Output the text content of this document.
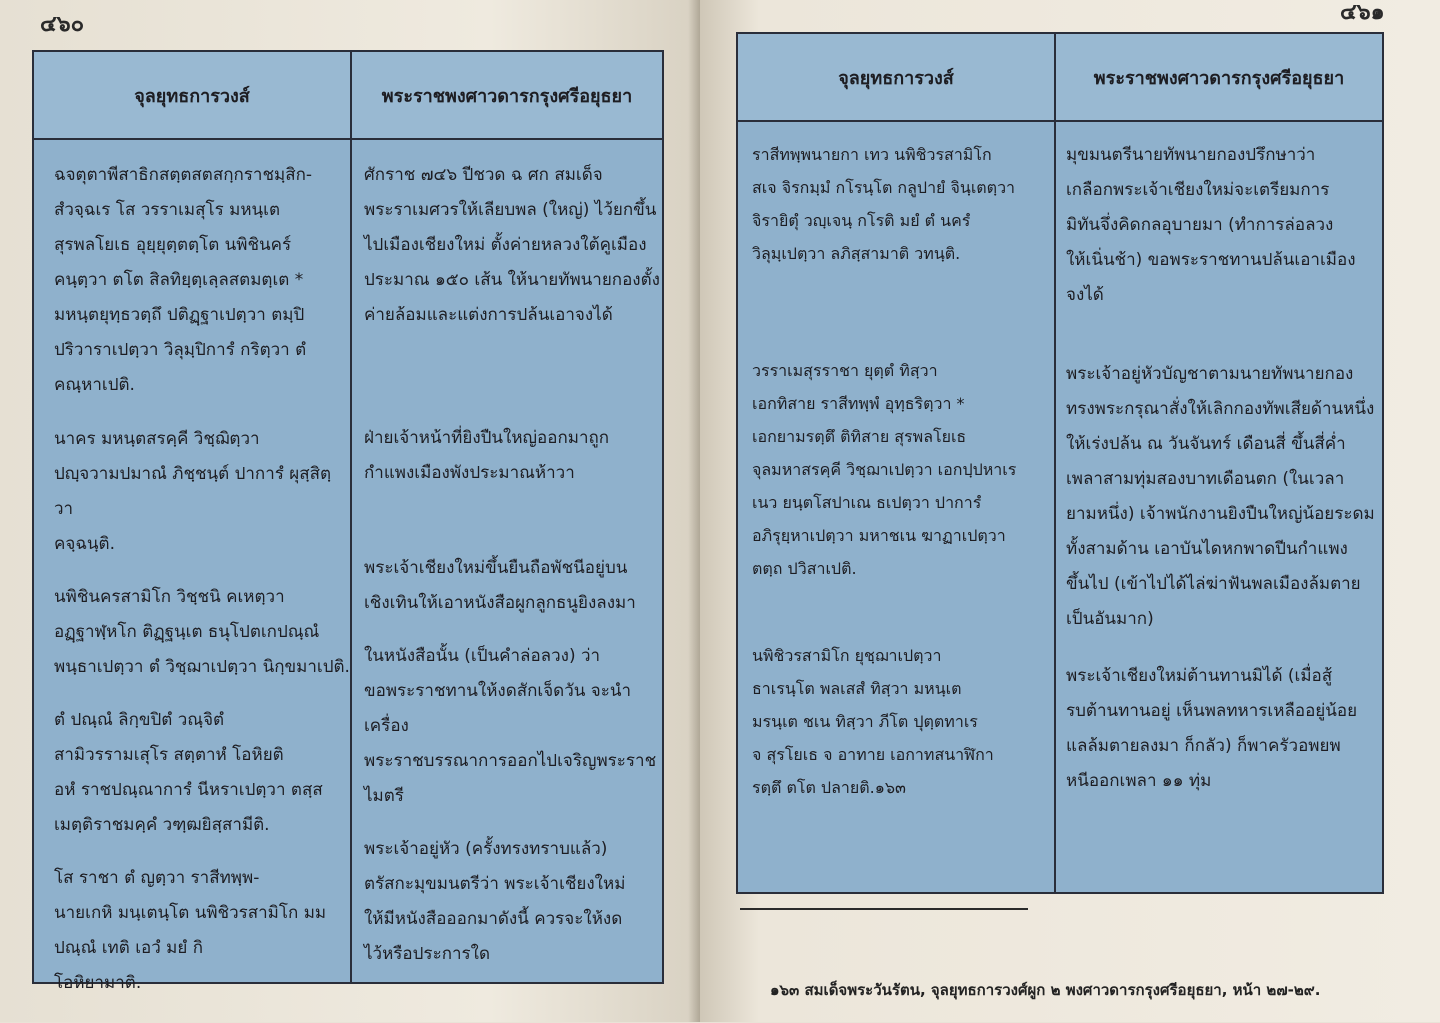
๔๖๐
จุลยุทธการวงส์	พระราชพงศาวดารกรุงศรีอยุธยา

ฉจตุตาพีสาธิกสตฺตสตสกฺกราชมฺสิก-
สํวจฺฉเร โส วรราเมสุโร มหนฺเต
สุรพลโยเธ อุยฺยุตฺตตฺโต นพิชินคร์
คนฺตฺวา ตโต สิลทิยฺตฺเลฺลสตมตฺเต *
มหนฺตยุทฺธวตฺถึ ปติฏฺฐาเปตฺวา ตมฺปิ
ปริวาราเปตฺวา วิลุมฺปิการํ กริตฺวา ตํ
คณฺหาเปติ.

นาคร มหนฺตสรคฺคี วิชฺฌิตฺวา
ปญฺจวามปมาณํ ภิชฺชนฺต์ ปาการํ ผุสฺสิตฺวา
คจฺฉนฺติ.

นพิชินครสามิโก วิชฺชนิ คเหตฺวา
อฏฺฐาฬฺหโก ติฏฺฐนฺเต ธนุโปตเกปณฺณํ
พนฺธาเปตฺวา ตํ วิชฺฌาเปตฺวา นิกฺขมาเปติ.

ตํ ปณฺณํ ลิกฺขปิตํ วณฺจิตํ
สามิวรรามเสุโร สตฺตาหํ โอหิยติ
อหํ ราชปณฺณาการํ นีหราเปตฺวา ตสฺส
เมตฺติราชมคฺคํ วฑฺฒยิสฺสามีติ.

โส ราชา ตํ ญตฺวา ราสีทพฺพ-
นายเกหิ มนฺเตนฺโต นพิชิวรสามิโก มม
ปณฺณํ เทติ เอวํ มยํ กิ
โอหิยามาติ.

ศักราช ๗๔๖ ปีชวด ฉ ศก สมเด็จ
พระราเมศวรให้เลียบพล (ใหญ่) ไว้ยกขึ้น
ไปเมืองเชียงใหม่ ตั้งค่ายหลวงใต้คูเมือง
ประมาณ ๑๕๐ เส้น ให้นายทัพนายกองตั้ง
ค่ายล้อมและแต่งการปล้นเอาจงได้

ฝ่ายเจ้าหน้าที่ยิงปืนใหญ่ออกมาถูก
กำแพงเมืองพังประมาณห้าวา

พระเจ้าเชียงใหม่ขึ้นยืนถือพัชนีอยู่บน
เชิงเทินให้เอาหนังสือผูกลูกธนูยิงลงมา

ในหนังสือนั้น (เป็นคำล่อลวง) ว่า
ขอพระราชทานให้งดสักเจ็ดวัน จะนำเครื่อง
พระราชบรรณาการออกไปเจริญพระราชไมตรี

พระเจ้าอยู่หัว (ครั้งทรงทราบแล้ว)
ตรัสกะมุขมนตรีว่า พระเจ้าเชียงใหม่
ให้มีหนังสือออกมาดังนี้ ควรจะให้งด
ไว้หรือประการใด

๔๖๑
จุลยุทธการวงส์	พระราชพงศาวดารกรุงศรีอยุธยา

ราสีทพฺพนายกา เทว นพิชิวรสามิโก
สเจ จิรกมฺมํ กโรนฺโต กลูปายํ จินฺเตตฺวา
จิรายิตุํ วญฺเจนฺ กโรติ มยํ ตํ นครํ
วิลุมฺเปตฺวา ลภิสฺสามาติ วทนฺติ.

วรราเมสุรราชา ยุตฺตํ ทิสฺวา
เอกทิสาย ราสีทพฺพํ อุทฺธริตฺวา *
เอกยามรตฺตึ ติทิสาย สุรพลโยเธ
จุลมหาสรคฺคี วิชฺฌาเปตฺวา เอกปฺปหาเร
เนว ยนฺตโสปาเณ ธเปตฺวา ปาการํ
อภิรุยฺหาเปตฺวา มหาชเน ฆาฏาเปตฺวา
ตตฺถ ปวิสาเปติ.

นพิชิวรสามิโก ยุชฺฌาเปตฺวา
ธาเรนฺโต พลเสสํ ทิสฺวา มหนฺเต
มรนฺเต ชเน ทิสฺวา ภีโต ปุตฺตทาเร
จ สุรโยเธ จ อาทาย เอกาทสนาฬิกา
รตฺตึ ตโต ปลายติ.๑๖๓

มุขมนตรีนายทัพนายกองปรึกษาว่า
เกลือกพระเจ้าเชียงใหม่จะเตรียมการ
มิทันจึ่งคิดกลอุบายมา (ทำการล่อลวง
ให้เนิ่นช้า) ขอพระราชทานปล้นเอาเมือง
จงได้

พระเจ้าอยู่หัวบัญชาตามนายทัพนายกอง
ทรงพระกรุณาสั่งให้เลิกกองทัพเสียด้านหนึ่ง
ให้เร่งปล้น ณ วันจันทร์ เดือนสี่ ขึ้นสี่ค่ำ
เพลาสามทุ่มสองบาทเดือนตก (ในเวลา
ยามหนึ่ง) เจ้าพนักงานยิงปืนใหญ่น้อยระดม
ทั้งสามด้าน เอาบันไดหกพาดปีนกำแพง
ขึ้นไป (เข้าไปได้ไล่ฆ่าฟันพลเมืองล้มตาย
เป็นอันมาก)

พระเจ้าเชียงใหม่ต้านทานมิได้ (เมื่อสู้
รบต้านทานอยู่ เห็นพลทหารเหลืออยู่น้อย
แลล้มตายลงมา ก็กลัว) ก็พาครัวอพยพ
หนีออกเพลา ๑๑ ทุ่ม

๑๖๓ สมเด็จพระวันรัตน, จุลยุทธการวงศ์ผูก ๒ พงศาวดารกรุงศรีอยุธยา, หน้า ๒๗-๒๙.
